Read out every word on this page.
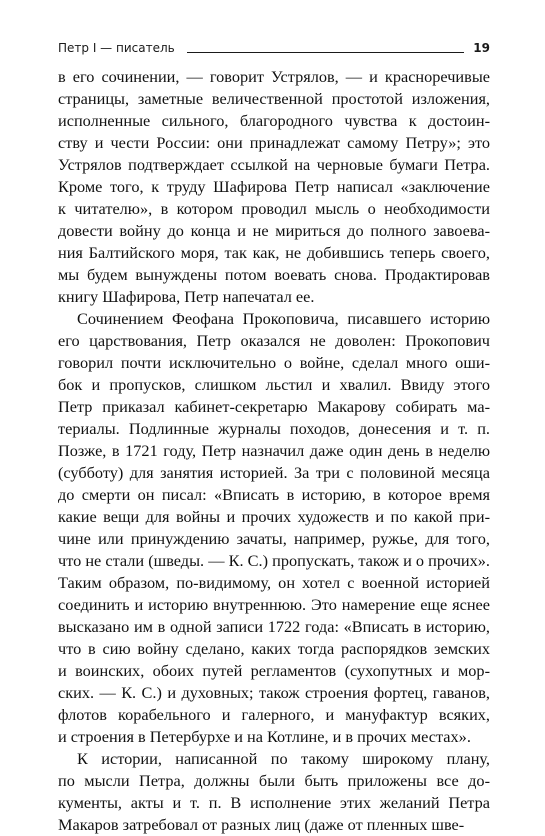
Петр I — писатель	19
в его сочинении, — говорит Устрялов, — и красноречивые
страницы, заметные величественной простотой изложения,
исполненные сильного, благородного чувства к достоин-
ству и чести России: они принадлежат самому Петру»; это
Устрялов подтверждает ссылкой на черновые бумаги Петра.
Кроме того, к труду Шафирова Петр написал «заключение
к читателю», в котором проводил мысль о необходимости
довести войну до конца и не мириться до полного завоева-
ния Балтийского моря, так как, не добившись теперь своего,
мы будем вынуждены потом воевать снова. Продактировав
книгу Шафирова, Петр напечатал ее.
Сочинением Феофана Прокоповича, писавшего историю
его царствования, Петр оказался не доволен: Прокопович
говорил почти исключительно о войне, сделал много оши-
бок и пропусков, слишком льстил и хвалил. Ввиду этого
Петр приказал кабинет-секретарю Макарову собирать ма-
териалы. Подлинные журналы походов, донесения и т. п.
Позже, в 1721 году, Петр назначил даже один день в неделю
(субботу) для занятия историей. За три с половиной месяца
до смерти он писал: «Вписать в историю, в которое время
какие вещи для войны и прочих художеств и по какой при-
чине или принуждению зачаты, например, ружье, для того,
что не стали (шведы. — К. С.) пропускать, також и о прочих».
Таким образом, по-видимому, он хотел с военной историей
соединить и историю внутреннюю. Это намерение еще яснее
высказано им в одной записи 1722 года: «Вписать в историю,
что в сию войну сделано, каких тогда распорядков земских
и воинских, обоих путей регламентов (сухопутных и мор-
ских. — К. С.) и духовных; також строения фортец, гаванов,
флотов корабельного и галерного, и мануфактур всяких,
и строения в Петербурхе и на Котлине, и в прочих местах».
К истории, написанной по такому широкому плану,
по мысли Петра, должны были быть приложены все до-
кументы, акты и т. п. В исполнение этих желаний Петра
Макаров затребовал от разных лиц (даже от пленных шве-
